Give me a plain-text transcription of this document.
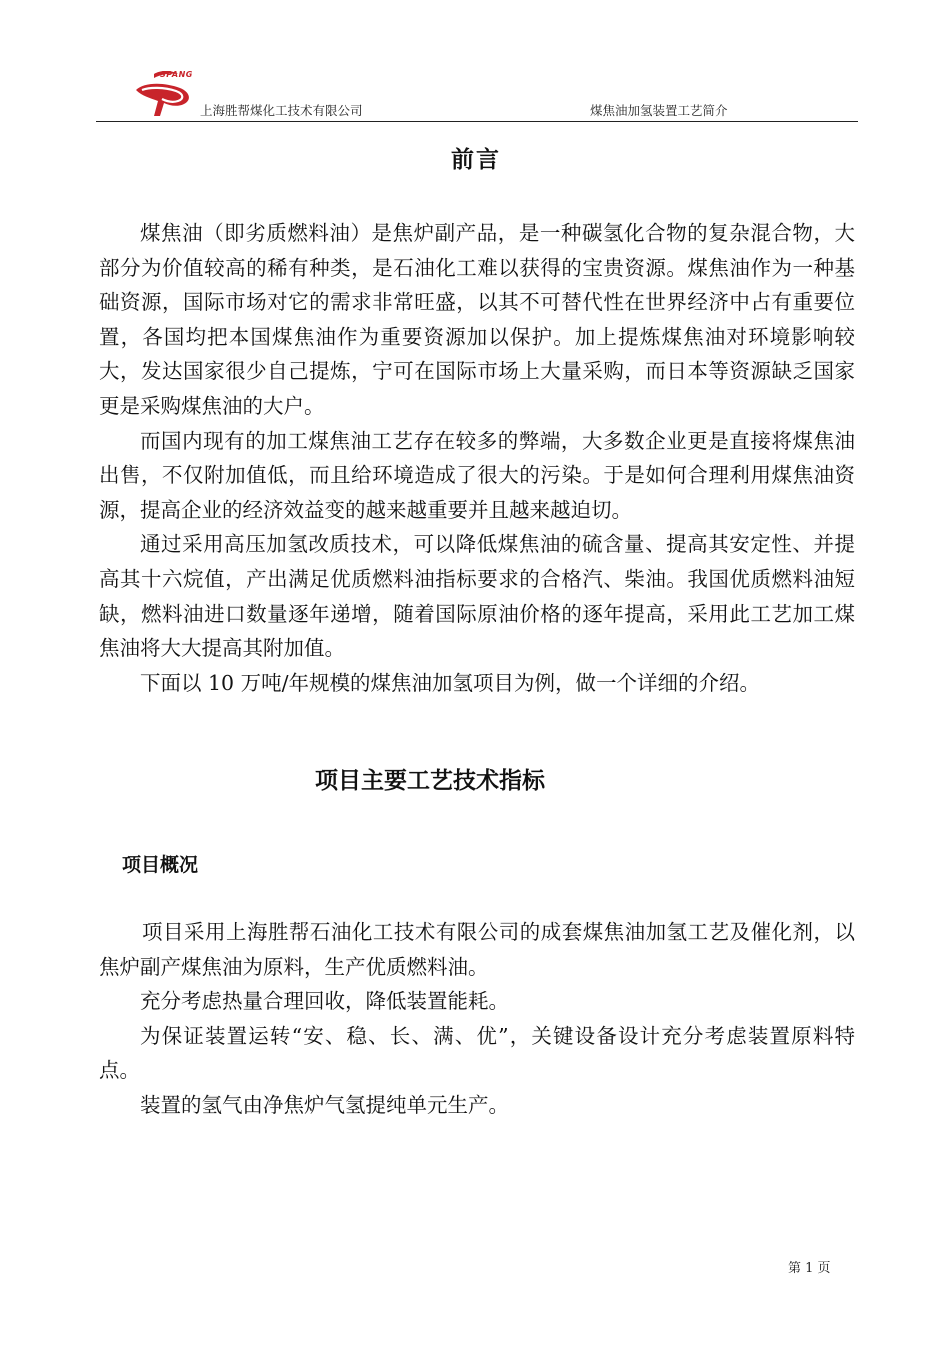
SPANG
上海胜帮煤化工技术有限公司	煤焦油加氢装置工艺简介
前言

煤焦油（即劣质燃料油）是焦炉副产品，是一种碳氢化合物的复杂混合物，大部分为价值较高的稀有种类，是石油化工难以获得的宝贵资源。煤焦油作为一种基础资源，国际市场对它的需求非常旺盛，以其不可替代性在世界经济中占有重要位置，各国均把本国煤焦油作为重要资源加以保护。加上提炼煤焦油对环境影响较大，发达国家很少自己提炼，宁可在国际市场上大量采购，而日本等资源缺乏国家更是采购煤焦油的大户。

而国内现有的加工煤焦油工艺存在较多的弊端，大多数企业更是直接将煤焦油出售，不仅附加值低，而且给环境造成了很大的污染。于是如何合理利用煤焦油资源，提高企业的经济效益变的越来越重要并且越来越迫切。

通过采用高压加氢改质技术，可以降低煤焦油的硫含量、提高其安定性、并提高其十六烷值，产出满足优质燃料油指标要求的合格汽、柴油。我国优质燃料油短缺，燃料油进口数量逐年递增，随着国际原油价格的逐年提高，采用此工艺加工煤焦油将大大提高其附加值。

下面以 10 万吨/年规模的煤焦油加氢项目为例，做一个详细的介绍。

项目主要工艺技术指标
项目概况

项目采用上海胜帮石油化工技术有限公司的成套煤焦油加氢工艺及催化剂，以焦炉副产煤焦油为原料，生产优质燃料油。

充分考虑热量合理回收，降低装置能耗。

为保证装置运转“安、稳、长、满、优”，关键设备设计充分考虑装置原料特点。

装置的氢气由净焦炉气氢提纯单元生产。

第 1 页
